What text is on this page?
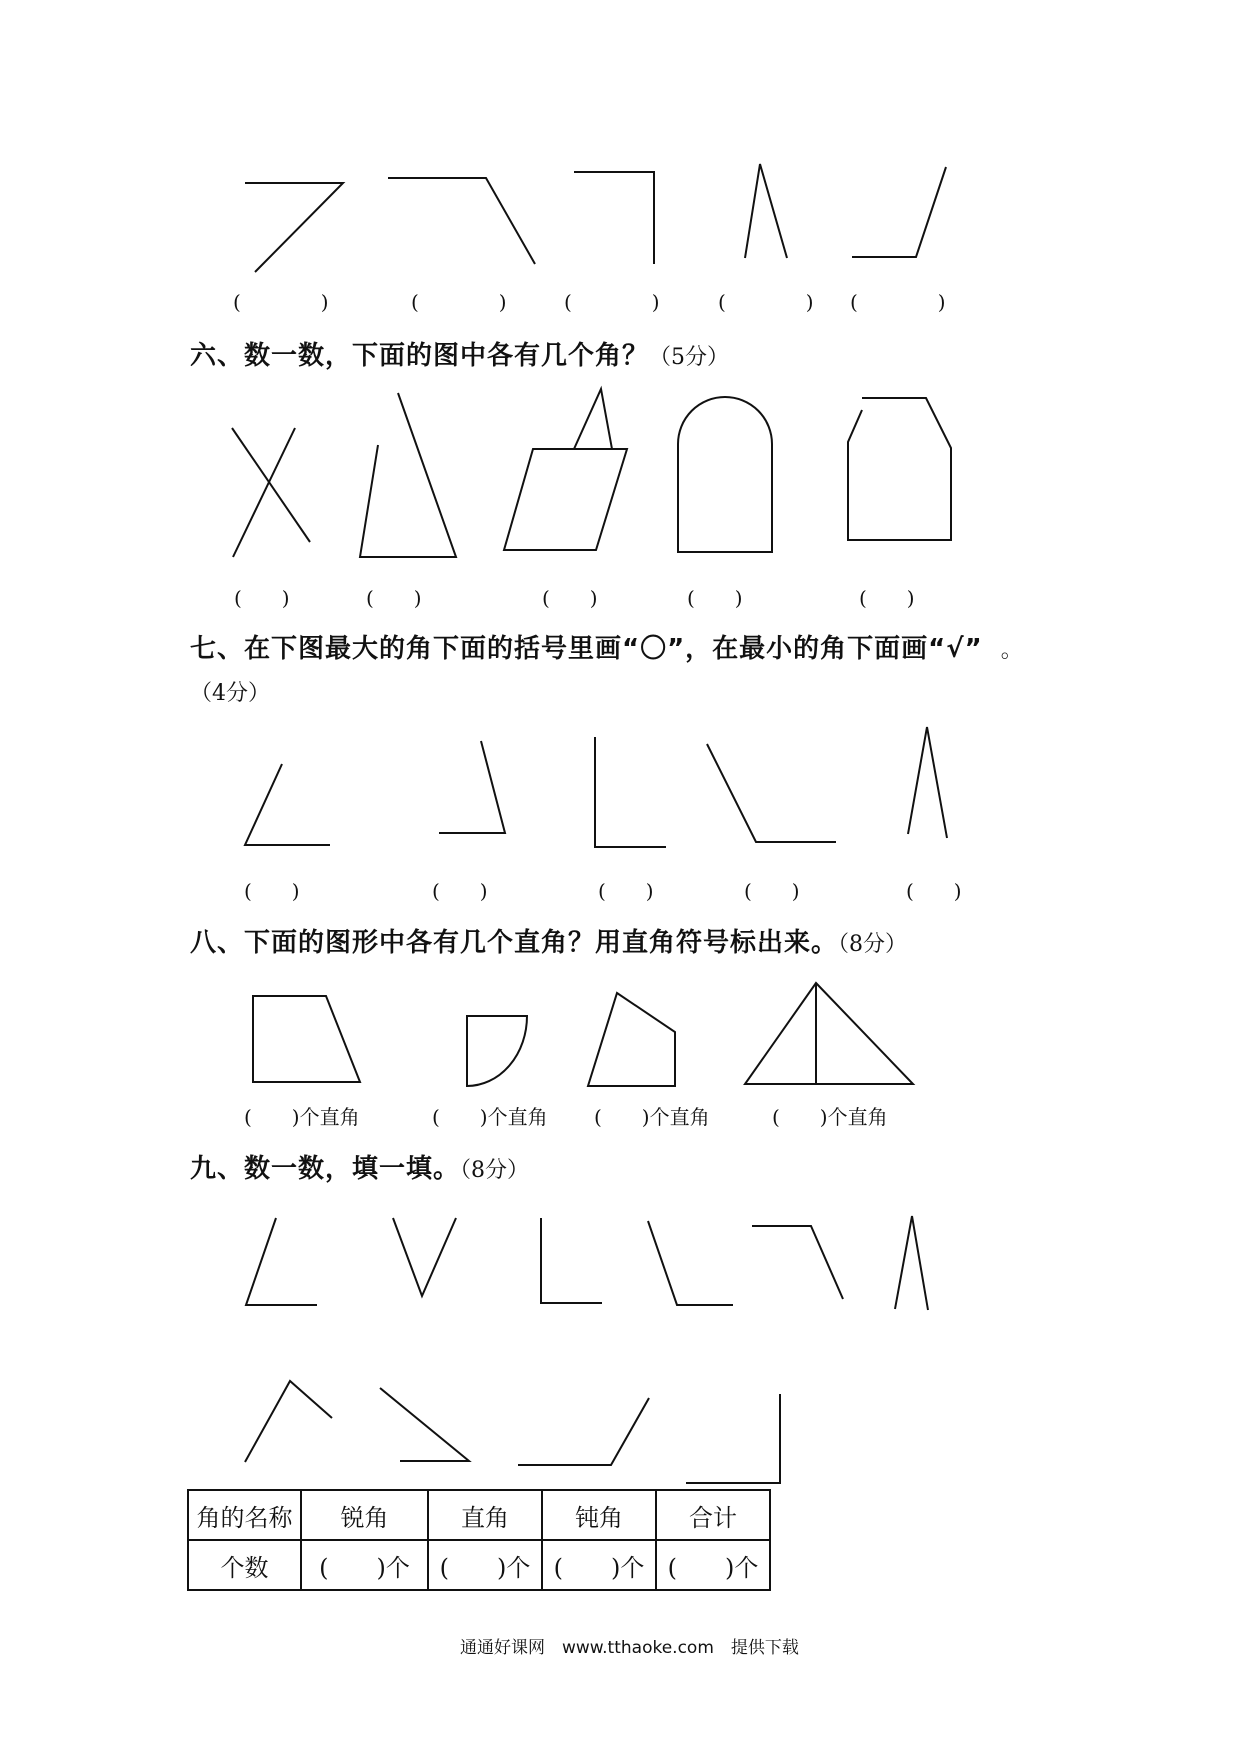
(　　　　)	(　　　　)	(　　　　)	(　　　　) (　　　　)
六、数一数，下面的图中各有几个角？（5分）
(　　)	(　　)	(　　)	(　　)	(　　)
七、在下图最大的角下面的括号里画“〇”，在最小的角下面画“√” 。
（4分）
(　　)	(　　)	(　　)	(　　)	(　　)
八、下面的图形中各有几个直角？用直角符号标出来。（8分）
(　　)个直角	(　　)个直角 (　　)个直角	(　　)个直角
九、数一数，填一填。（8分）
角的名称	锐角	直角	钝角	合计
个数	(　　)个	(　　)个	(　　)个	(　　)个
通通好课网　www.tthaoke.com　提供下载
